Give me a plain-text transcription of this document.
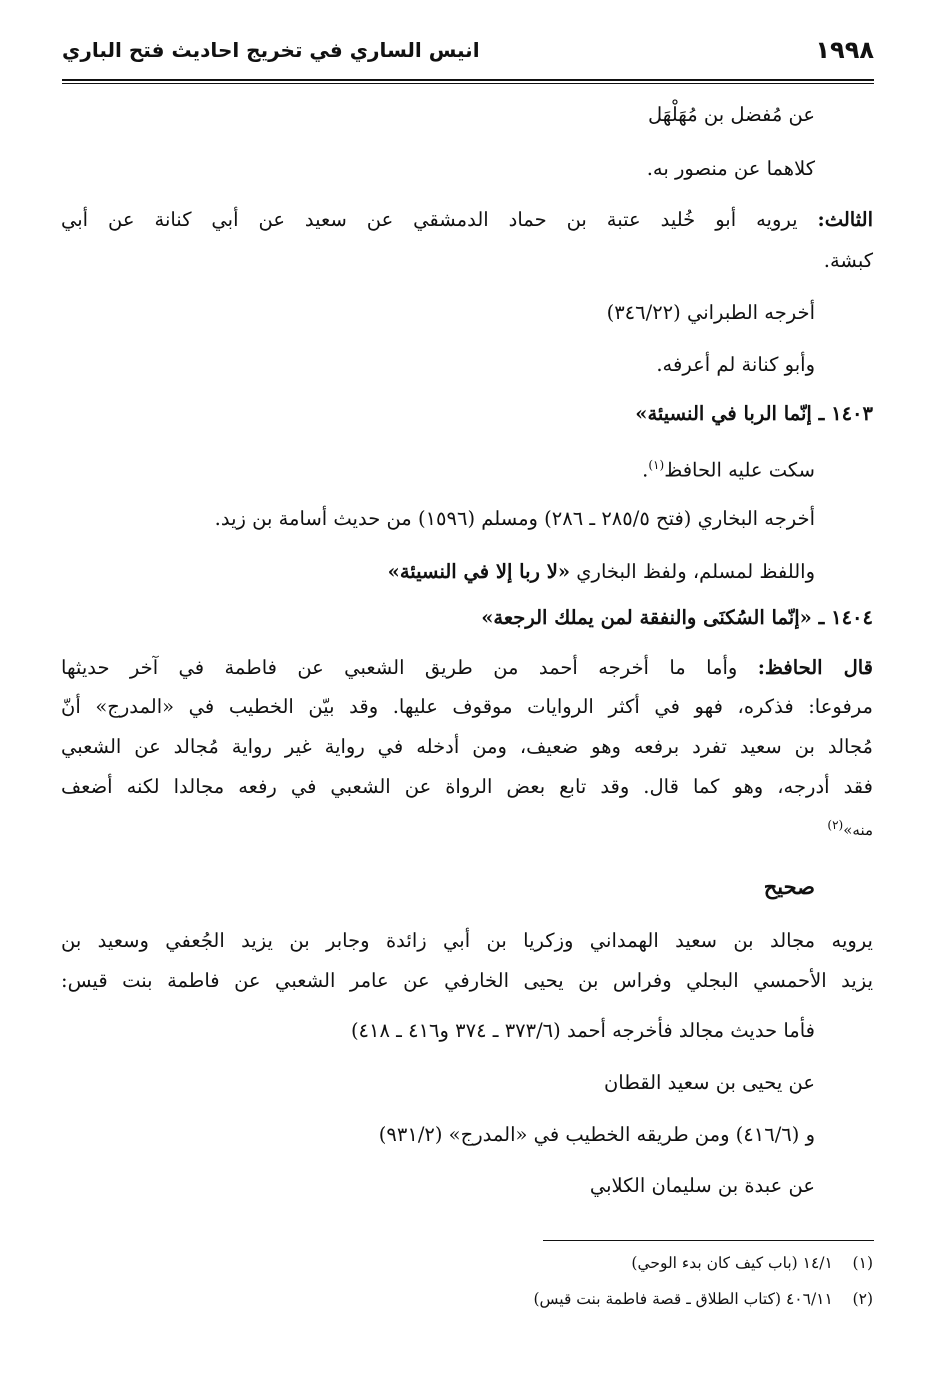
١٩٩٨
انيس الساري في تخريج احاديث فتح الباري
عن مُفضل بن مُهَلْهَل
كلاهما عن منصور به.
الثالث: يرويه أبو خُليد عتبة بن حماد الدمشقي عن سعيد عن أبي كنانة عن أبي
كبشة.
أخرجه الطبراني (٣٤٦/٢٢)
وأبو كنانة لم أعرفه.
١٤٠٣ ـ إنّما الربا في النسيئة»
سكت عليه الحافظ$^{(١)}$.
أخرجه البخاري (فتح ٢٨٥/٥ ـ ٢٨٦) ومسلم (١٥٩٦) من حديث أسامة بن زيد.
واللفظ لمسلم، ولفظ البخاري «لا ربا إلا في النسيئة»
١٤٠٤ ـ «إنّما السُكنَى والنفقة لمن يملك الرجعة»
قال الحافظ: وأما ما أخرجه أحمد من طريق الشعبي عن فاطمة في آخر حديثها
مرفوعا: فذكره، فهو في أكثر الروايات موقوف عليها. وقد بيّن الخطيب في «المدرج» أنّ
مُجالد بن سعيد تفرد برفعه وهو ضعيف، ومن أدخله في رواية غير رواية مُجالد عن الشعبي
فقد أدرجه، وهو كما قال. وقد تابع بعض الرواة عن الشعبي في رفعه مجالدا لكنه أضعف
منه»$^{(٢)}$
صحيح
يرويه مجالد بن سعيد الهمداني وزكريا بن أبي زائدة وجابر بن يزيد الجُعفي وسعيد بن
يزيد الأحمسي البجلي وفراس بن يحيى الخارفي عن عامر الشعبي عن فاطمة بنت قيس:
فأما حديث مجالد فأخرجه أحمد (٣٧٣/٦ ـ ٣٧٤ و٤١٦ ـ ٤١٨)
عن يحيى بن سعيد القطان
و (٤١٦/٦) ومن طريقه الخطيب في «المدرج» (٩٣١/٢)
عن عبدة بن سليمان الكلابي
(١)    ١٤/١ (باب كيف كان بدء الوحي)
(٢)    ٤٠٦/١١ (كتاب الطلاق ـ قصة فاطمة بنت قيس)
